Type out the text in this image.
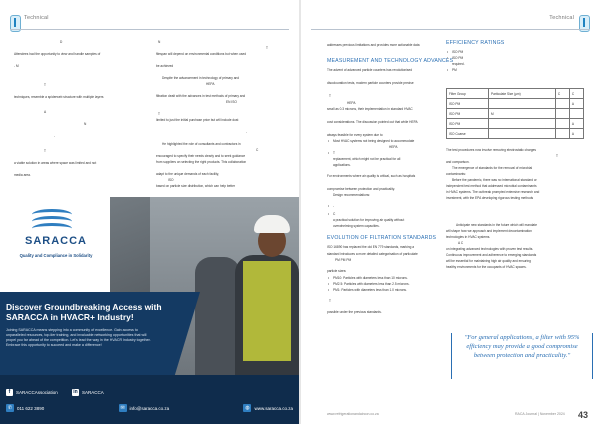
Technical

D

Attendees had the opportunity to view and handle samples of

- M

T

techniques, resemble a spiderweb structure with multiple layers

A

N

-

T

a viable solution in areas where space was limited and not

media area.

N

T

filespan will depend on environmental conditions but when used

be achieved

Despite the advancement in technology of primary and

HEPA

filtration dealt with the advances in test methods of primary and

EN ISO

T

limited to just the initial purchase price but will include dust

-

He highlighted the role of consultants and contractors in

C

encouraged to specify their needs clearly and to seek guidance

from suppliers on selecting the right products. This collaboration

adapt to the unique demands of each facility,

ISO

based on particle size distribution, which can help better

SARACCA
Quality and Compliance in Solidarity
Discover Groundbreaking Access with SARACCA in HVACR+ Industry!
Joining SARACCA means stepping into a community of excellence. Gain access to unparalleled resources, top-tier training, and invaluable networking opportunities that will propel you far ahead of the competition. Let's lead the way in the HVACR industry together. Embrace this opportunity to succeed and make a difference!
f	SARACCAssociation	in SARACCA
✆	011 622 3890	✉	info@saracca.co.za	◍	www.saracca.co.za
Technical

addresses previous limitations and provides more actionable data

MEASUREMENT AND TECHNOLOGY ADVANCES

The advent of advanced particle counters has revolutionised

discolouration tests, modern particle counters provide precise

T

HEPA

small as 0.3 microns, their implementation in standard HVAC

cost considerations. The discussion pointed out that while HEPA

always feasible for every system due to

• Most HVAC systems not being designed to accommodate

HEPA

• T

replacement, which might not be practical for all

applications.

For environments where air quality is critical, such as hospitals

compromise between protection and practicality.

Design recommendations:

• -

• C

a practical solution for improving air quality without

overwhelming system capacities.

EVOLUTION OF FILTRATION STANDARDS

ISO 16890 has replaced the old EN 779 standards, marking a

standard introduces a more detailed categorisation of particulate

PM PM PM

particle sizes:

• PM10: Particles with diameters less than 10 microns.

• PM2.5: Particles with diameters less than 2.5 microns.

• PM1: Particles with diameters less than 1.0 microns.

T

possible under the previous standards.

EFFICIENCY RATINGS

• ISO PM

• ISO PM

required.

• PM

Filter Group	Particulate Size (µm)	C	C
ISO PM			A
ISO PM	M		
ISO PM			A
ISO Coarse			A

The test procedures now involve removing electrostatic charges

T

and comparison.

The emergence of standards for the removal of microbial

contaminants:

Before the pandemic, there was no international standard or

independent test method that addressed microbial contaminants

in HVAC systems. The outbreak prompted extensive research and

investment, with the EPA developing rigorous testing methods

Anticipate new standards in the future which will mandate

will shape how we approach and implement decontamination

technologies in HVAC systems.

A C

on integrating advanced technologies with proven test results.

Continuous improvement and adherence to emerging standards

will be essential for maintaining high air quality and ensuring

healthy environments for the occupants of HVAC spaces.

"For general applications, a filter with 95% efficiency may provide a good compromise between protection and practicality."
www.refrigerationandaircon.co.za	RACA Journal | November 2024 43
